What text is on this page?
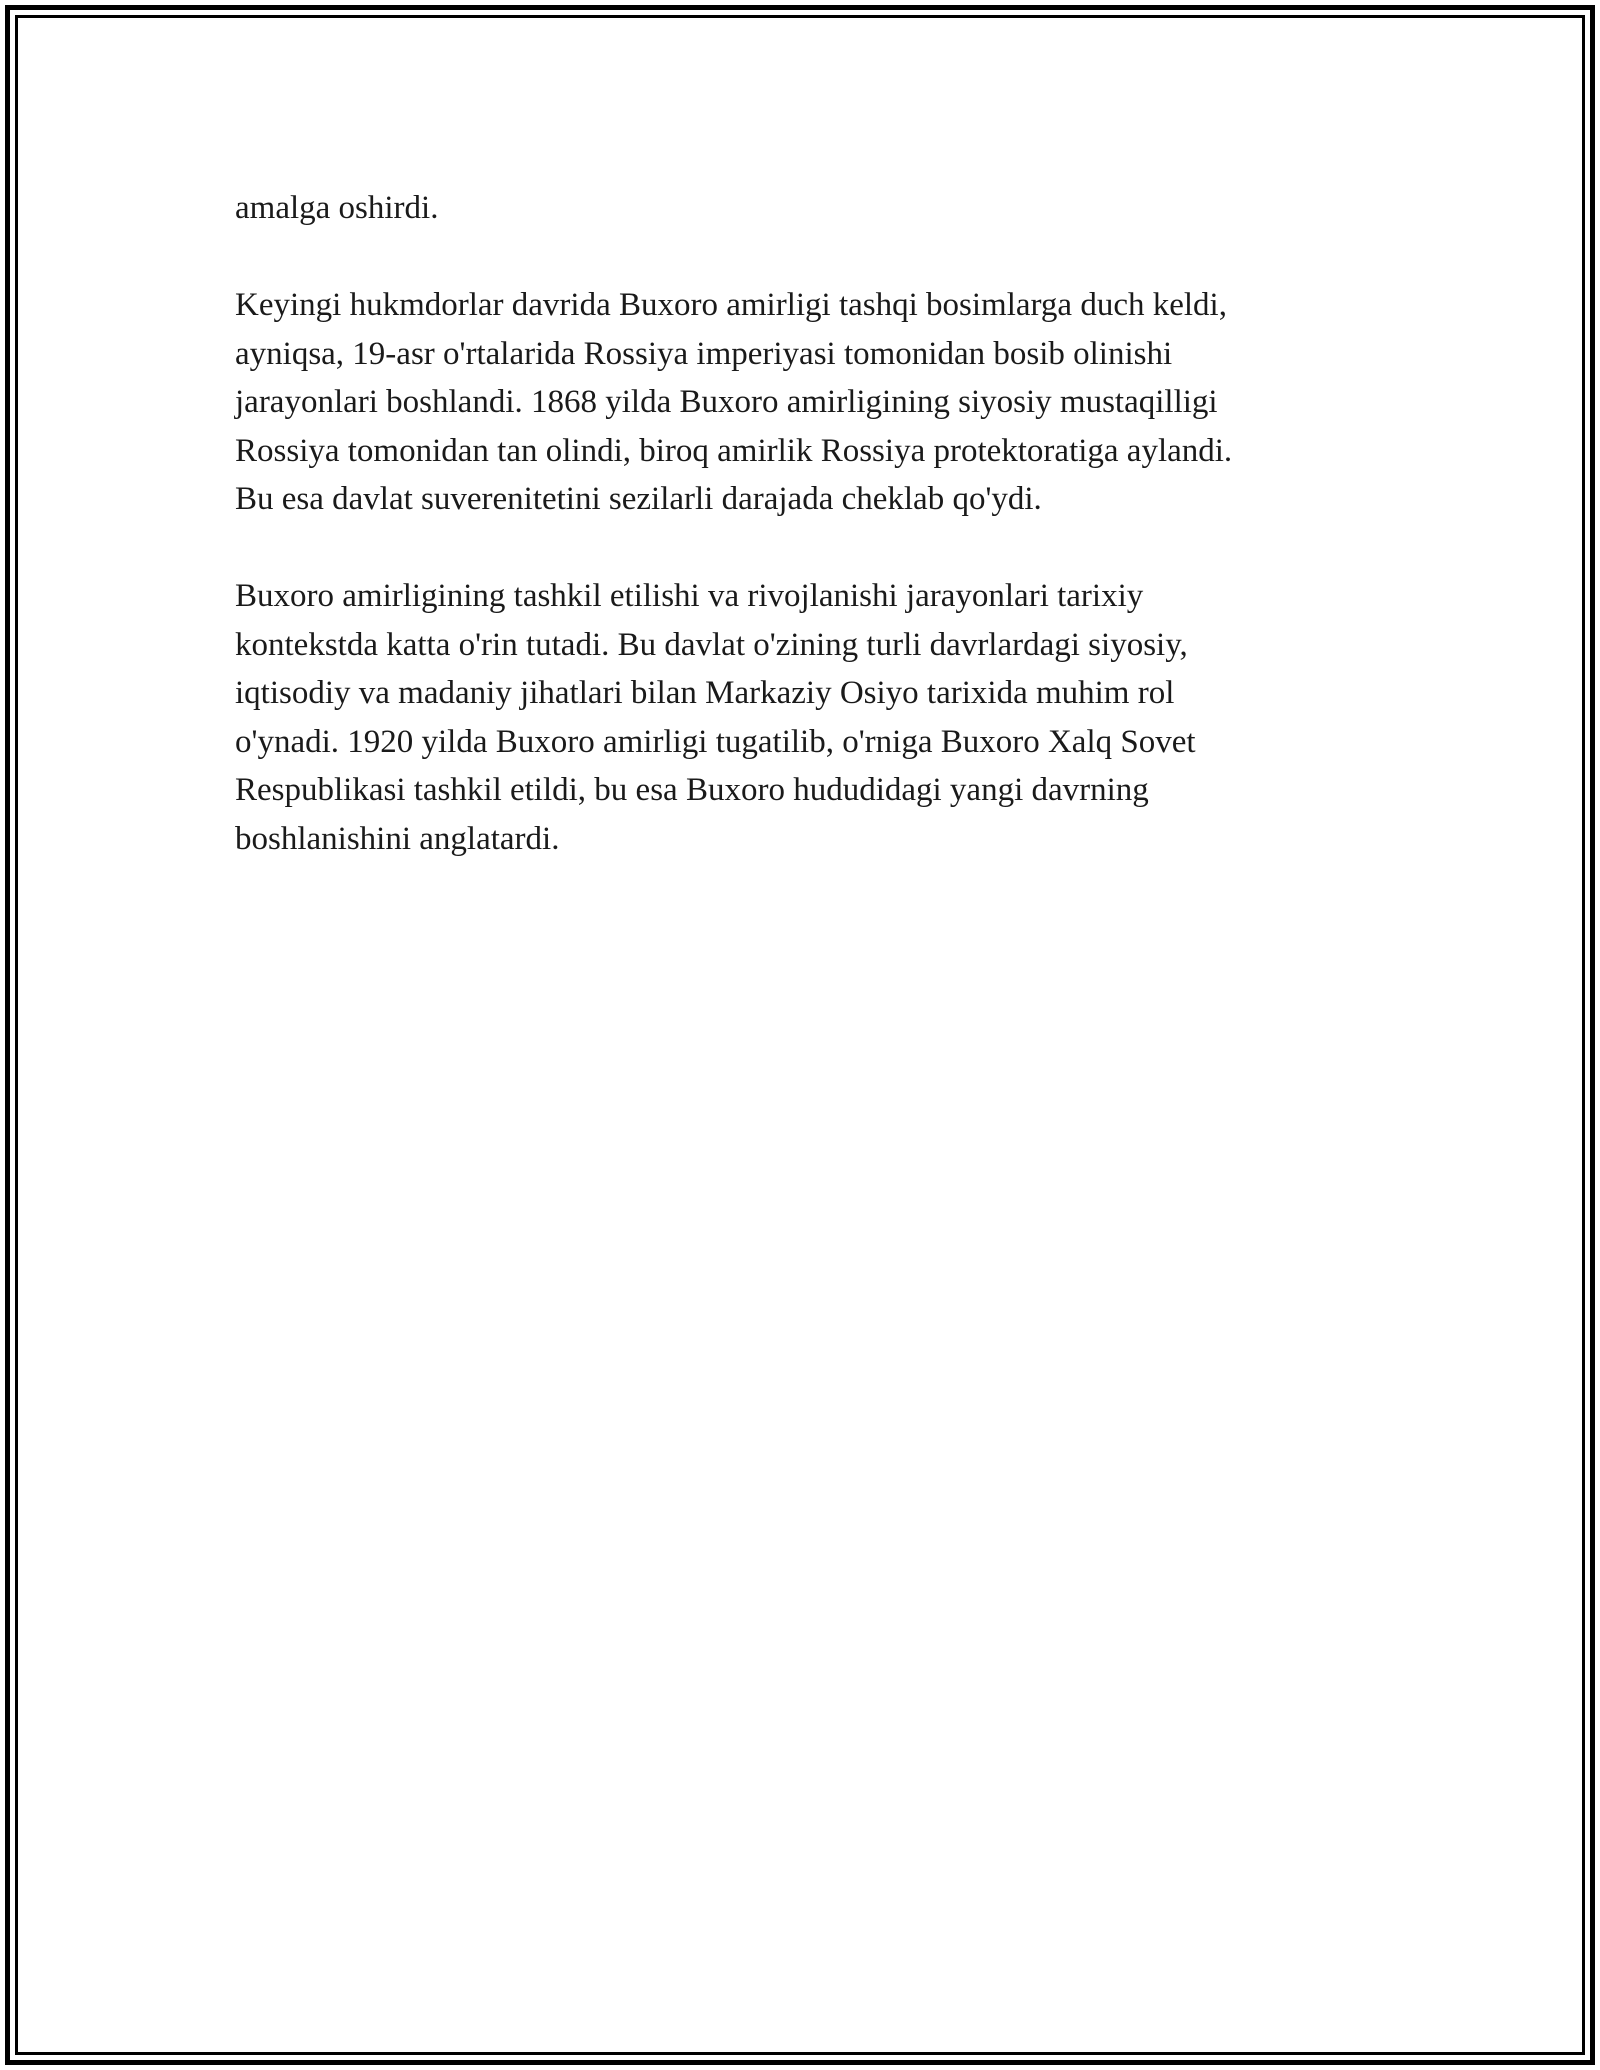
amalga oshirdi.

Keyingi hukmdorlar davrida Buxoro amirligi tashqi bosimlarga duch keldi,
ayniqsa, 19-asr o'rtalarida Rossiya imperiyasi tomonidan bosib olinishi
jarayonlari boshlandi. 1868 yilda Buxoro amirligining siyosiy mustaqilligi
Rossiya tomonidan tan olindi, biroq amirlik Rossiya protektoratiga aylandi.
Bu esa davlat suverenitetini sezilarli darajada cheklab qo'ydi.

Buxoro amirligining tashkil etilishi va rivojlanishi jarayonlari tarixiy
kontekstda katta o'rin tutadi. Bu davlat o'zining turli davrlardagi siyosiy,
iqtisodiy va madaniy jihatlari bilan Markaziy Osiyo tarixida muhim rol
o'ynadi. 1920 yilda Buxoro amirligi tugatilib, o'rniga Buxoro Xalq Sovet
Respublikasi tashkil etildi, bu esa Buxoro hududidagi yangi davrning
boshlanishini anglatardi.
